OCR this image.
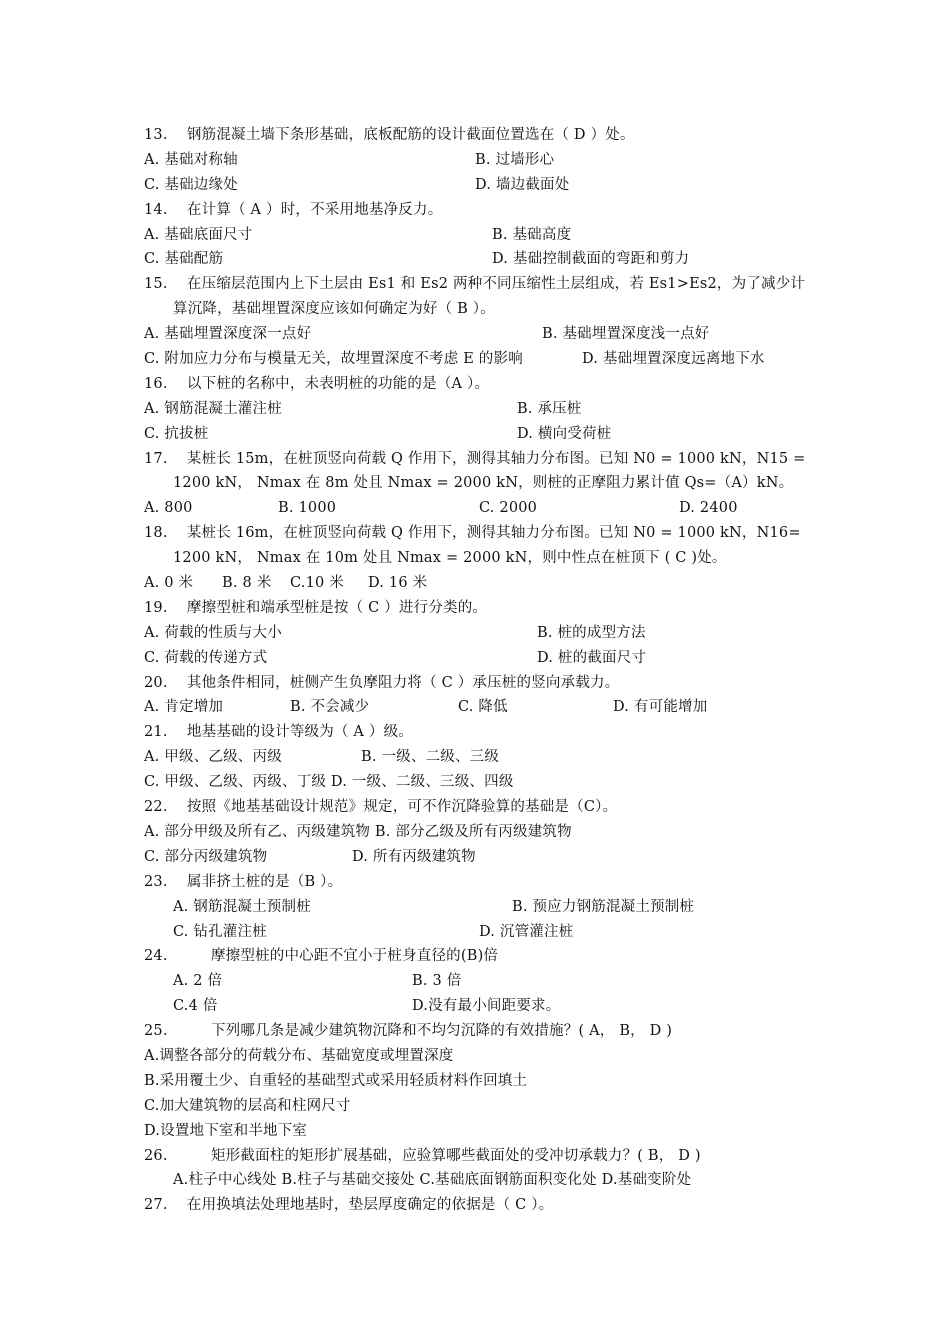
13. 钢筋混凝土墙下条形基础，底板配筋的设计截面位置选在（ D ）处。
A. 基础对称轴	B. 过墙形心
C. 基础边缘处	D. 墙边截面处
14. 在计算（ A ）时，不采用地基净反力。
A. 基础底面尺寸	B. 基础高度
C. 基础配筋	D. 基础控制截面的弯距和剪力
15. 在压缩层范围内上下土层由 Es1 和 Es2 两种不同压缩性土层组成，若 Es1>Es2，为了减少计
算沉降，基础埋置深度应该如何确定为好（ B ）。
A. 基础埋置深度深一点好	B. 基础埋置深度浅一点好
C. 附加应力分布与模量无关，故埋置深度不考虑 E 的影响	D. 基础埋置深度远离地下水
16. 以下桩的名称中，未表明桩的功能的是（A ）。
A. 钢筋混凝土灌注桩	B. 承压桩
C. 抗拔桩	D. 横向受荷桩
17. 某桩长 15m，在桩顶竖向荷载 Q 作用下，测得其轴力分布图。已知 N0 = 1000 kN，N15 =
1200 kN， Nmax 在 8m 处且 Nmax = 2000 kN，则桩的正摩阻力累计值 Qs=（A）kN。
A. 800	B. 1000	C. 2000	D. 2400
18. 某桩长 16m，在桩顶竖向荷载 Q 作用下，测得其轴力分布图。已知 N0 = 1000 kN，N16=
1200 kN， Nmax 在 10m 处且 Nmax = 2000 kN，则中性点在桩顶下 ( C )处。
A. 0 米 B. 8 米 C.10 米 D. 16 米
19. 摩擦型桩和端承型桩是按（ C ）进行分类的。
A. 荷载的性质与大小	B. 桩的成型方法
C. 荷载的传递方式	D. 桩的截面尺寸
20. 其他条件相同，桩侧产生负摩阻力将（ C ）承压桩的竖向承载力。
A. 肯定增加	B. 不会减少	C. 降低	D. 有可能增加
21. 地基基础的设计等级为（ A ）级。
A. 甲级、乙级、丙级	B. 一级、二级、三级
C. 甲级、乙级、丙级、丁级 D. 一级、二级、三级、四级
22. 按照《地基基础设计规范》规定，可不作沉降验算的基础是（C）。
A. 部分甲级及所有乙、丙级建筑物 B. 部分乙级及所有丙级建筑物
C. 部分丙级建筑物	D. 所有丙级建筑物
23. 属非挤土桩的是（B ）。
A. 钢筋混凝土预制桩	B. 预应力钢筋混凝土预制桩
C. 钻孔灌注桩	D. 沉管灌注桩
24.	摩擦型桩的中心距不宜小于桩身直径的(B)倍
A. 2 倍	B. 3 倍
C.4 倍	D.没有最小间距要求。
25.	下列哪几条是减少建筑物沉降和不均匀沉降的有效措施？( A， B， D )
A.调整各部分的荷载分布、基础宽度或埋置深度
B.采用覆土少、自重轻的基础型式或采用轻质材料作回填土
C.加大建筑物的层高和柱网尺寸
D.设置地下室和半地下室
26.	矩形截面柱的矩形扩展基础，应验算哪些截面处的受冲切承载力？( B， D )
A.柱子中心线处 B.柱子与基础交接处 C.基础底面钢筋面积变化处 D.基础变阶处
27. 在用换填法处理地基时，垫层厚度确定的依据是（ C ）。
